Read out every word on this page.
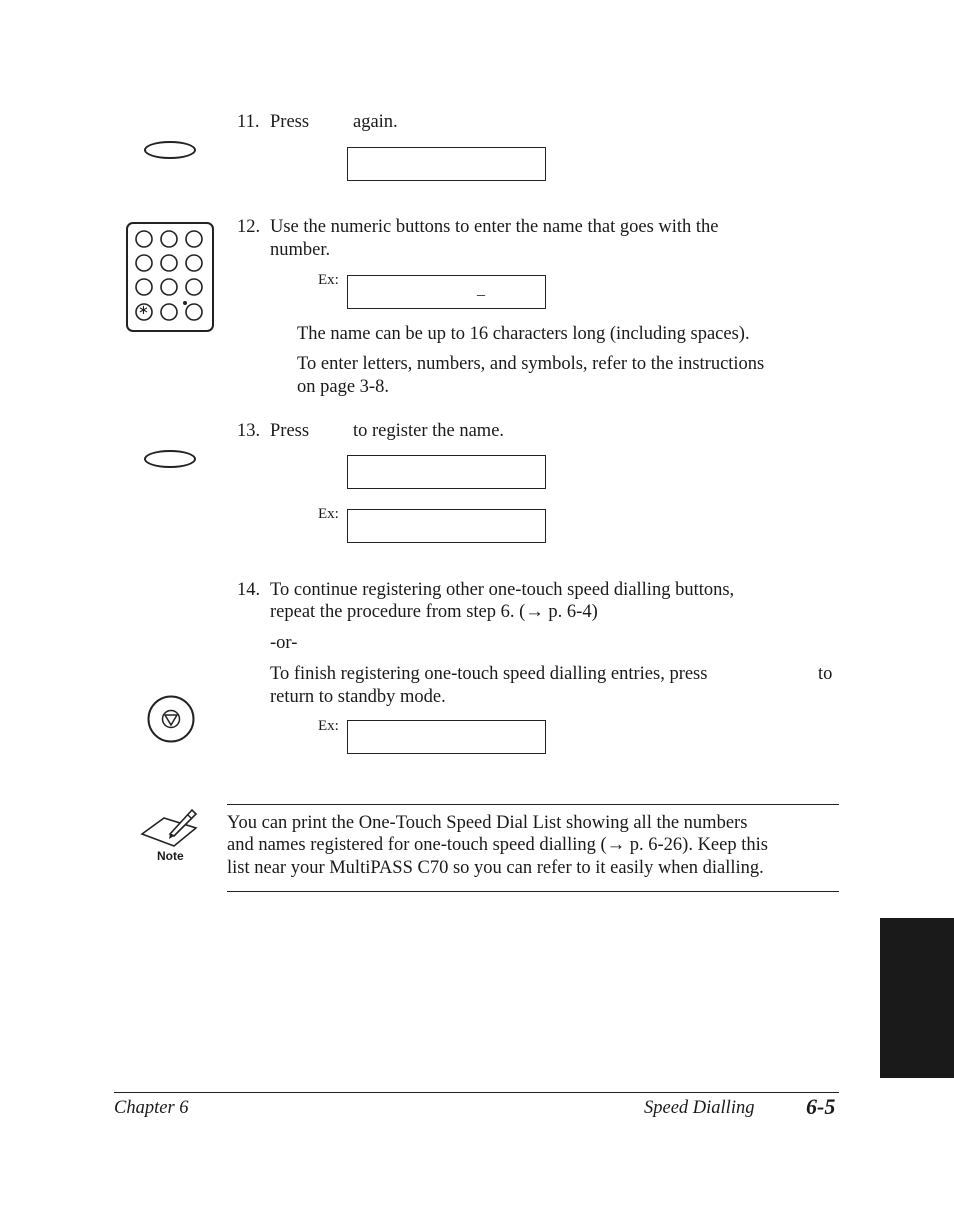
11. Press again.
∗
12. Use the numeric buttons to enter the name that goes with the
number.
Ex:
_
The name can be up to 16 characters long (including spaces).
To enter letters, numbers, and symbols, refer to the instructions
on page 3-8.
13. Press to register the name.
Ex:
14. To continue registering other one-touch speed dialling buttons,
repeat the procedure from step 6. (→ p. 6-4)
-or-
To finish registering one-touch speed dialling entries, press	to
return to standby mode.
Ex:
Note
You can print the One-Touch Speed Dial List showing all the numbers
and names registered for one-touch speed dialling (→ p. 6-26). Keep this
list near your MultiPASS C70 so you can refer to it easily when dialling.
Chapter 6	Speed Dialling 6-5
